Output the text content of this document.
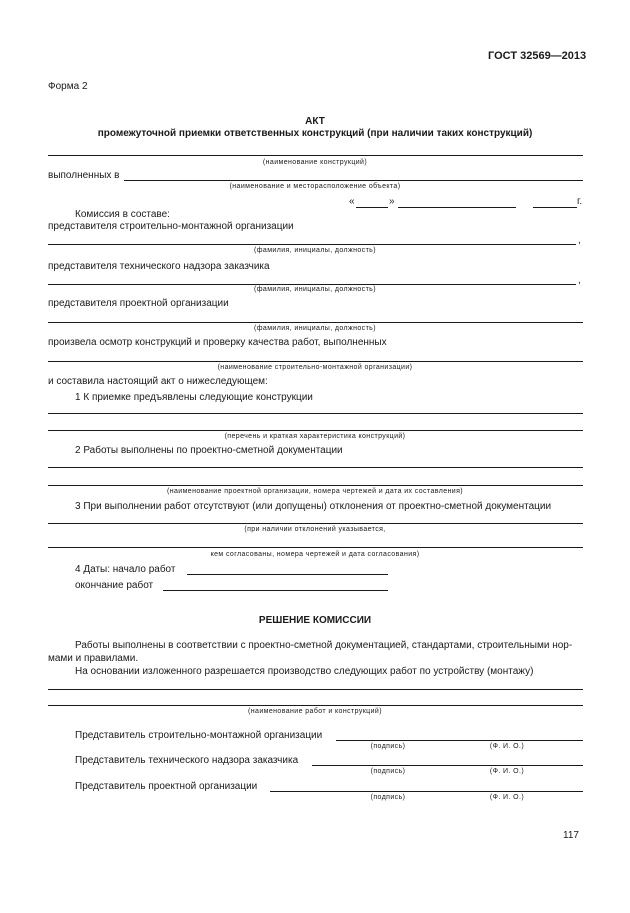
ГОСТ 32569—2013
Форма 2
АКТ
промежуточной приемки ответственных конструкций (при наличии таких конструкций)
(наименование конструкций)
выполненных в
(наименование и месторасположение объекта)
«	»	г.
Комиссия в составе:
представителя строительно-монтажной организации
,
(фамилия, инициалы, должность)
представителя технического надзора заказчика
,
(фамилия, инициалы, должность)
представителя проектной организации
(фамилия, инициалы, должность)
произвела осмотр конструкций и проверку качества работ, выполненных
(наименование строительно-монтажной организации)
и составила настоящий акт о нижеследующем:
1 К приемке предъявлены следующие конструкции
(перечень и краткая характеристика конструкций)
2 Работы выполнены по проектно-сметной документации
(наименование проектной организации, номера чертежей и дата их составления)
3 При выполнении работ отсутствуют (или допущены) отклонения от проектно-сметной документации
(при наличии отклонений указывается,
кем согласованы, номера чертежей и дата согласования)
4 Даты: начало работ
окончание работ
РЕШЕНИЕ КОМИССИИ
Работы выполнены в соответствии с проектно-сметной документацией, стандартами, строительными нор-
мами и правилами.
На основании изложенного разрешается производство следующих работ по устройству (монтажу)
(наименование работ и конструкций)
Представитель строительно-монтажной организации
(подпись)	(Ф. И. О.)
Представитель технического надзора заказчика
(подпись)	(Ф. И. О.)
Представитель проектной организации
(подпись)	(Ф. И. О.)
117
